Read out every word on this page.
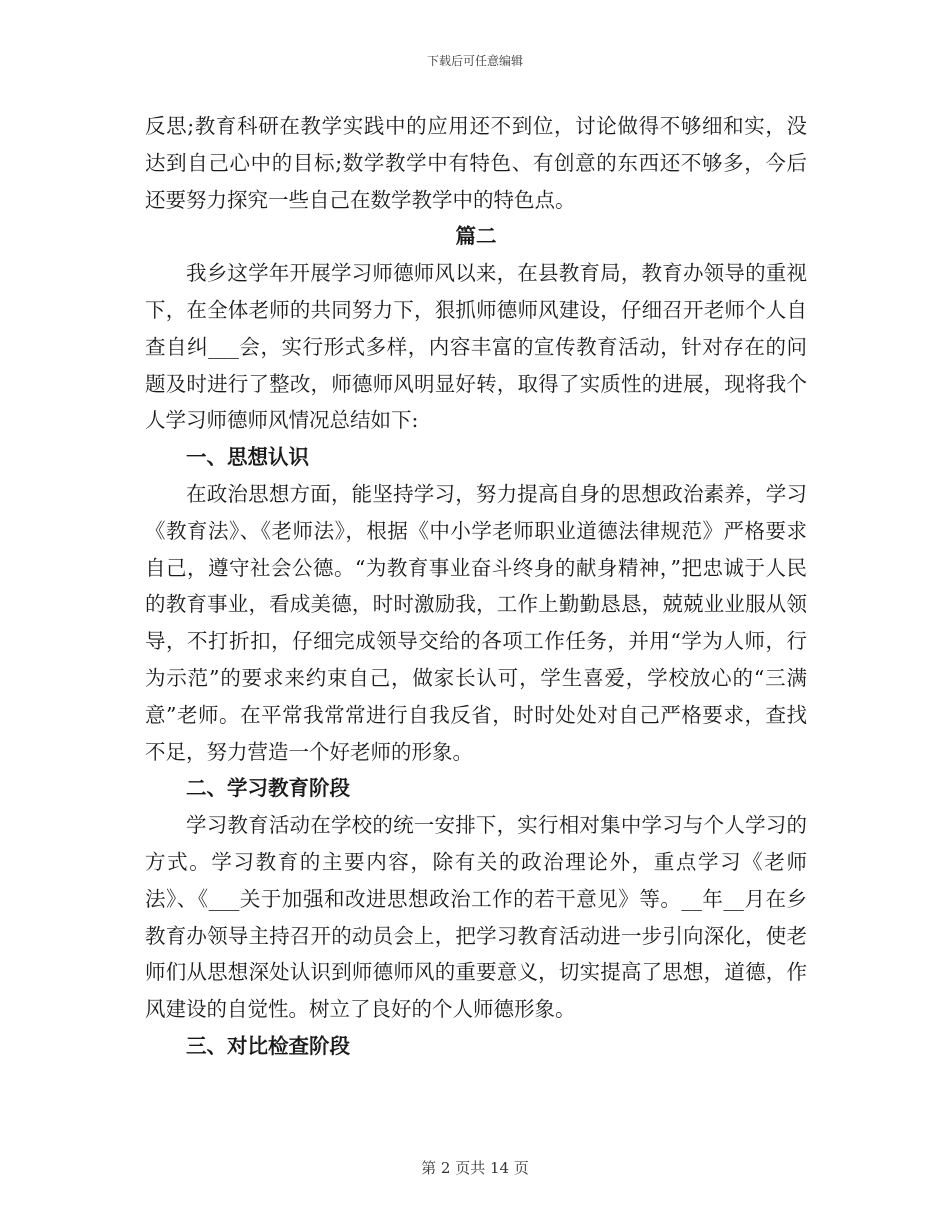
下载后可任意编辑

反思;教育科研在教学实践中的应用还不到位，讨论做得不够细和实，没达到自己心中的目标;数学教学中有特色、有创意的东西还不够多，今后还要努力探究一些自己在数学教学中的特色点。

篇二

我乡这学年开展学习师德师风以来，在县教育局，教育办领导的重视下，在全体老师的共同努力下，狠抓师德师风建设，仔细召开老师个人自查自纠___会，实行形式多样，内容丰富的宣传教育活动，针对存在的问题及时进行了整改，师德师风明显好转，取得了实质性的进展，现将我个人学习师德师风情况总结如下:

一、思想认识

在政治思想方面，能坚持学习，努力提高自身的思想政治素养，学习《教育法》、《老师法》，根据《中小学老师职业道德法律规范》严格要求自己，遵守社会公德。“为教育事业奋斗终身的献身精神，”把忠诚于人民的教育事业，看成美德，时时激励我，工作上勤勤恳恳，兢兢业业服从领导，不打折扣，仔细完成领导交给的各项工作任务，并用“学为人师，行为示范”的要求来约束自己，做家长认可，学生喜爱，学校放心的“三满意”老师。在平常我常常进行自我反省，时时处处对自己严格要求，查找不足，努力营造一个好老师的形象。

二、学习教育阶段

学习教育活动在学校的统一安排下，实行相对集中学习与个人学习的方式。学习教育的主要内容，除有关的政治理论外，重点学习《老师法》、《___关于加强和改进思想政治工作的若干意见》等。__年__月在乡教育办领导主持召开的动员会上，把学习教育活动进一步引向深化，使老师们从思想深处认识到师德师风的重要意义，切实提高了思想，道德，作风建设的自觉性。树立了良好的个人师德形象。

三、对比检查阶段

第 2 页共 14 页
